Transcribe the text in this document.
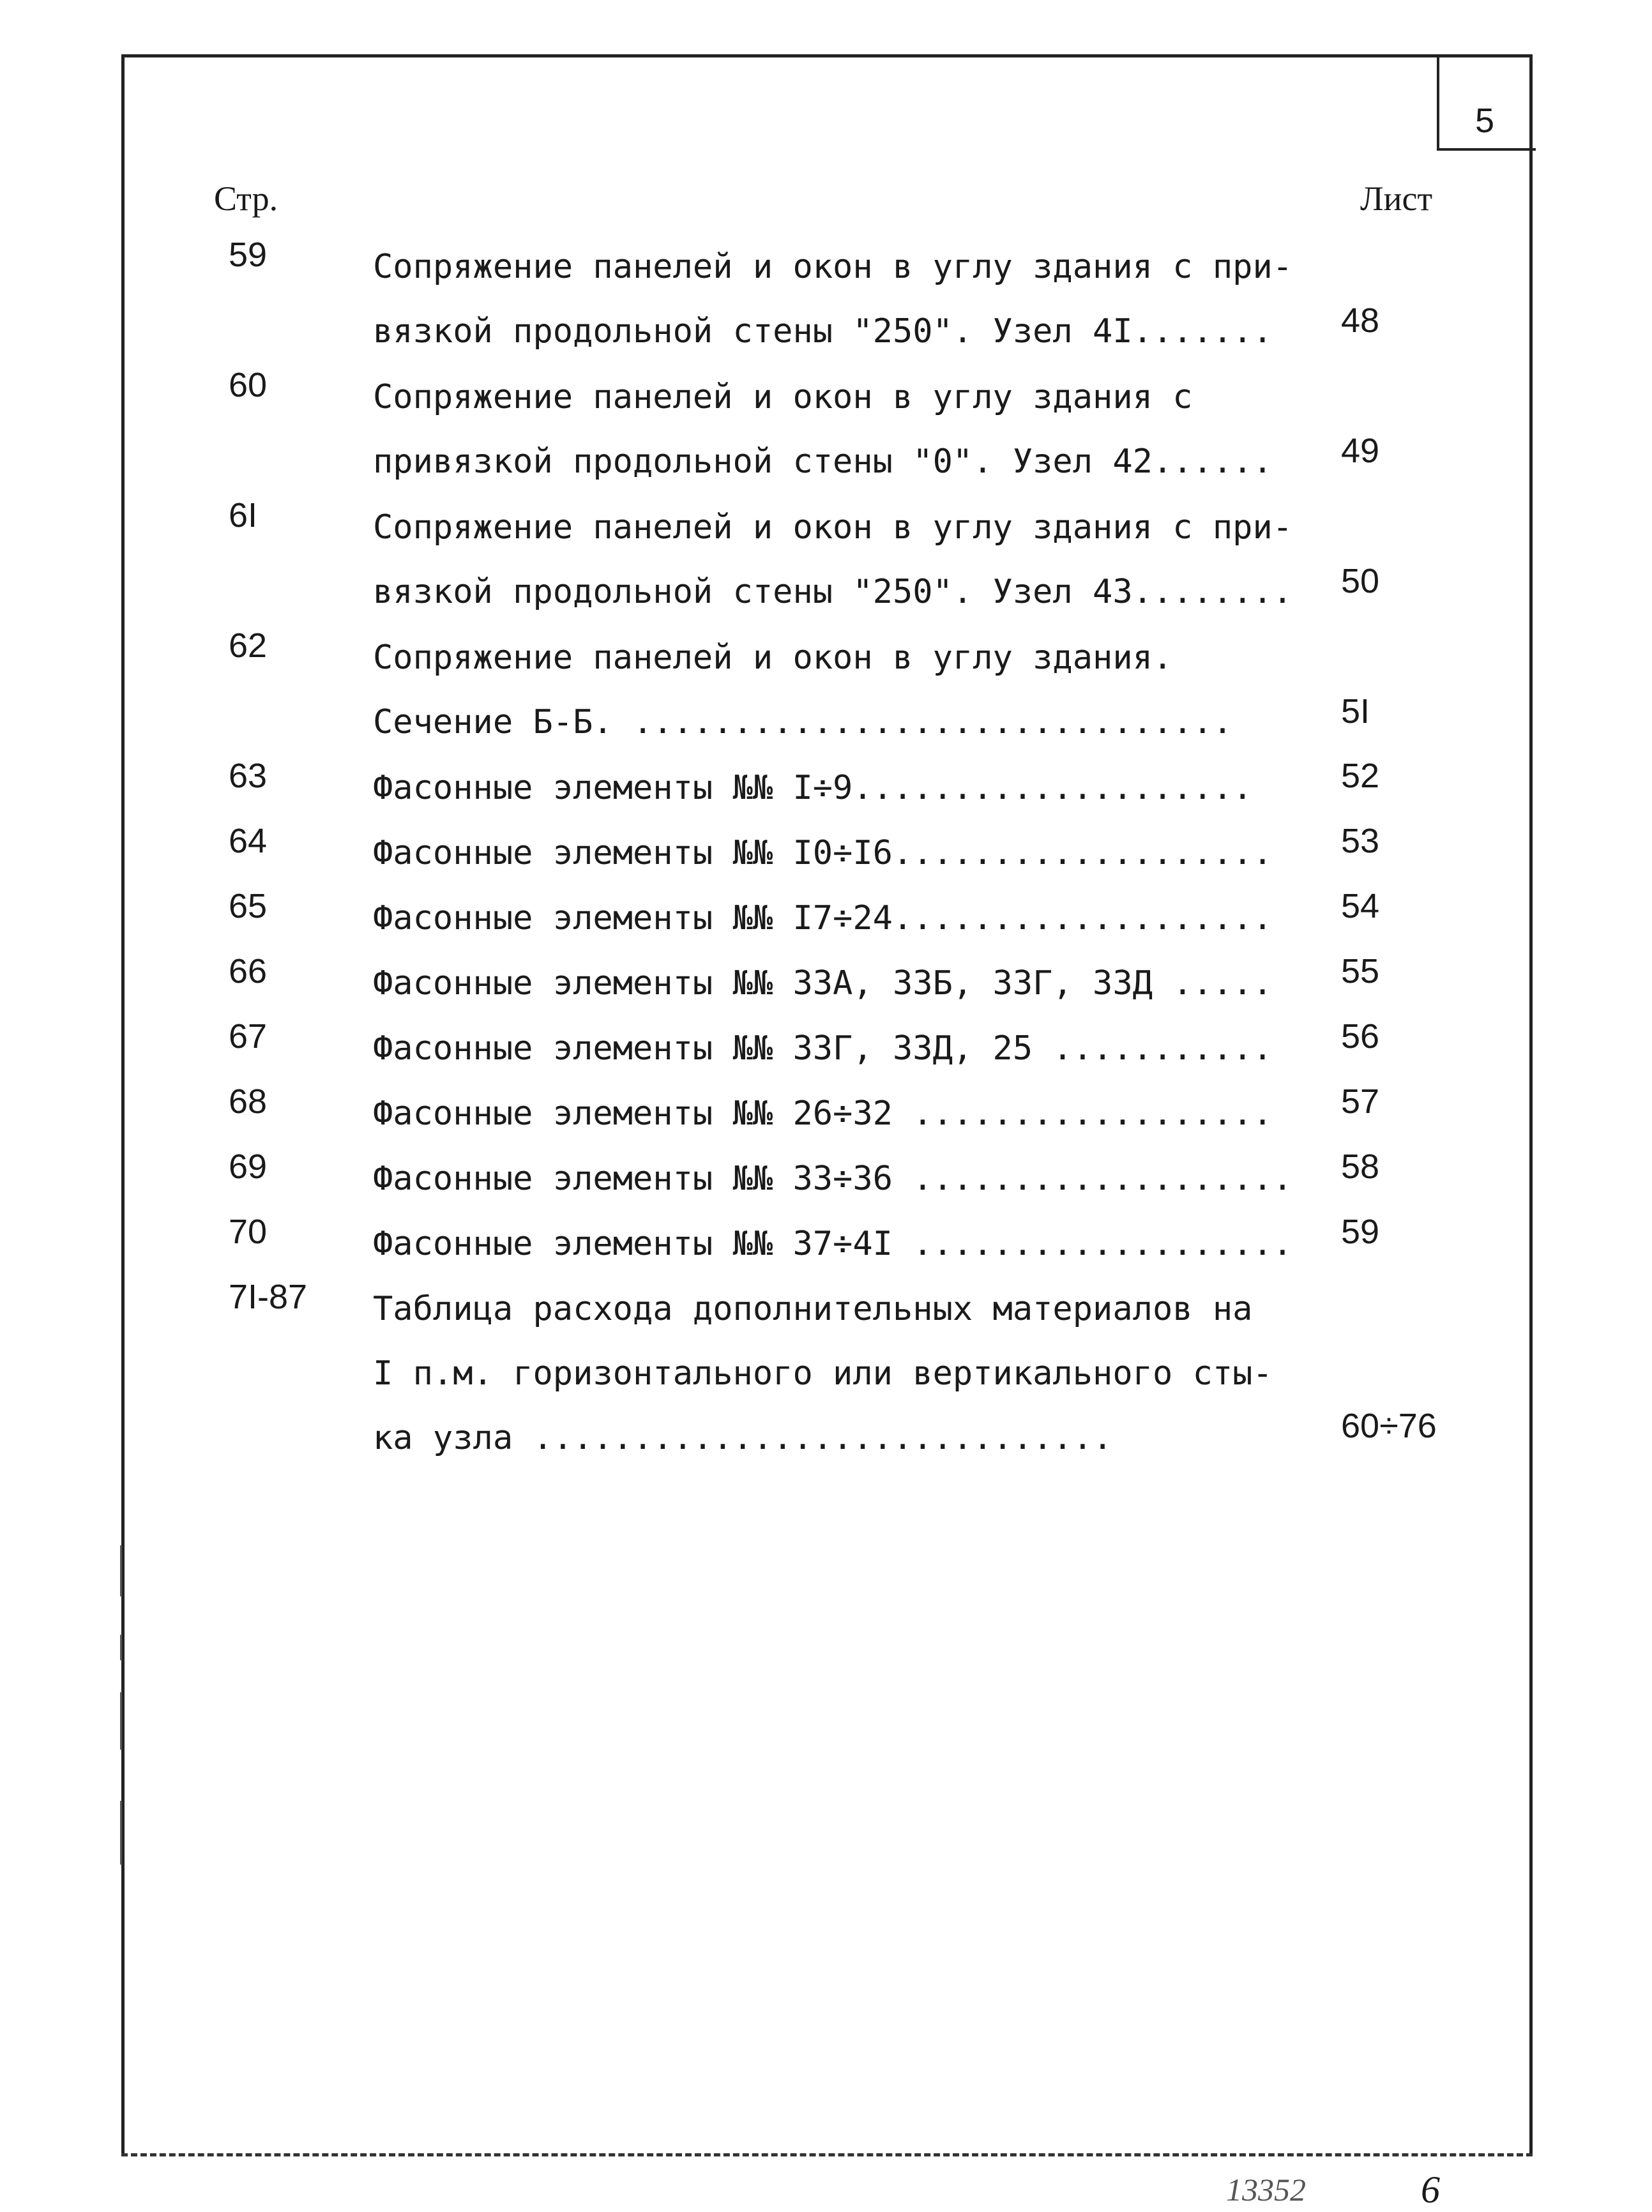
5
Стр.	Лист
59	Сопряжение панелей и окон в углу здания с при-
вязкой продольной стены "250". Узел 4I.......	48
60	Сопряжение панелей и окон в углу здания с
привязкой продольной стены "0". Узел 42......	49
6I	Сопряжение панелей и окон в углу здания с при-
вязкой продольной стены "250". Узел 43........	50
62	Сопряжение панелей и окон в углу здания.
Сечение Б-Б. ..............................	5I
63	Фасонные элементы №№ I÷9....................	52
64	Фасонные элементы №№ I0÷I6...................	53
65	Фасонные элементы №№ I7÷24...................	54
66	Фасонные элементы №№ 33А, 33Б, 33Г, 33Д .....	55
67	Фасонные элементы №№ 33Г, 33Д, 25 ...........	56
68	Фасонные элементы №№ 26÷32 ..................	57
69	Фасонные элементы №№ 33÷36 ...................	58
70	Фасонные элементы №№ 37÷4I ...................	59
7I-87 Таблица расхода дополнительных материалов на
I п.м. горизонтального или вертикального сты-
ка узла .............................	60÷76
13352	6
